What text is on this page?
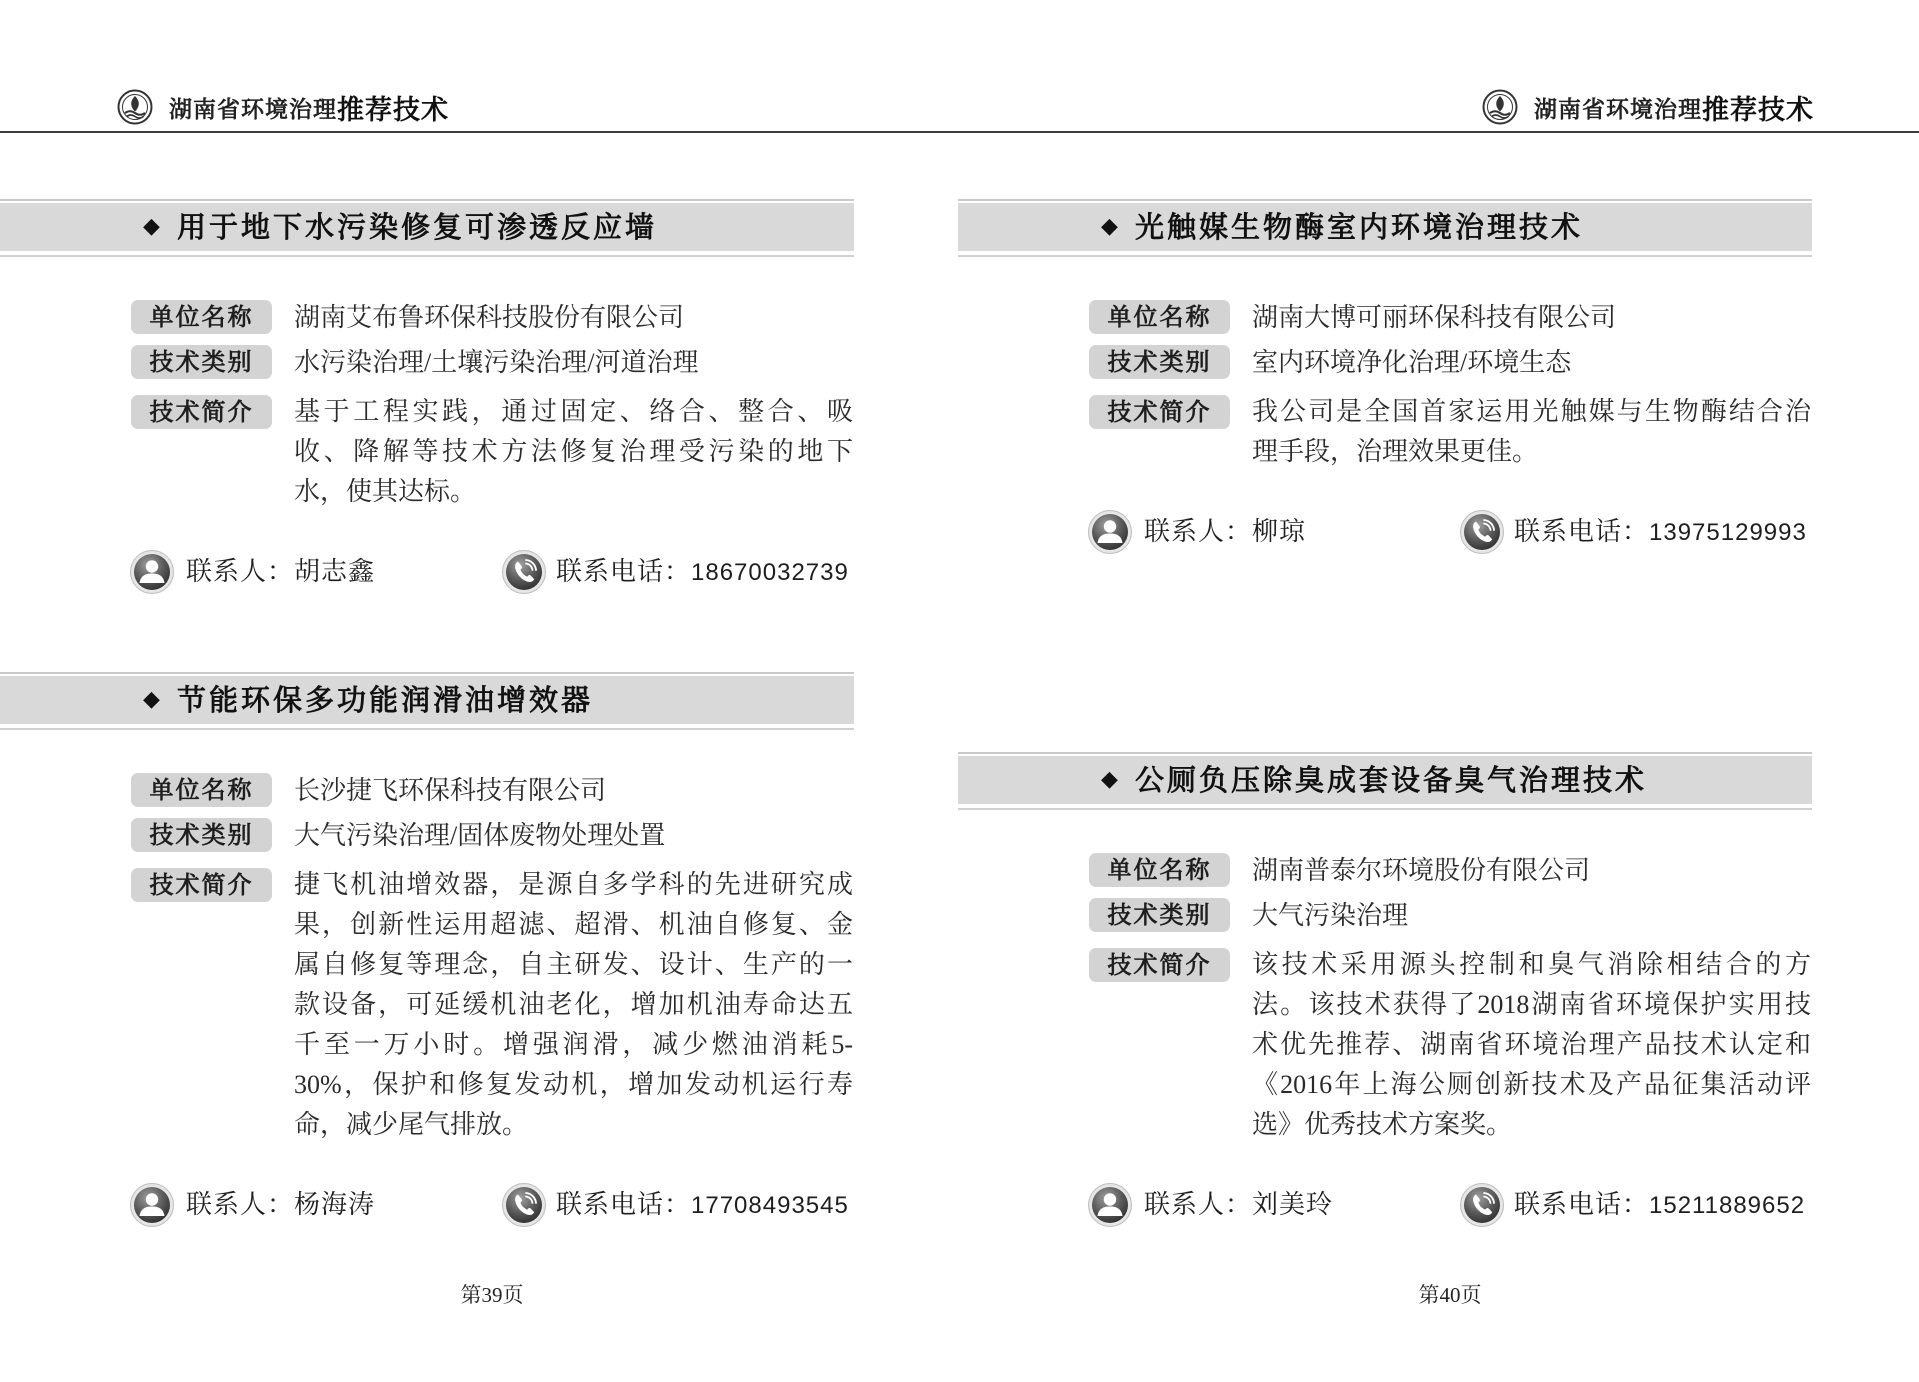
湖南省环境治理 推荐技术	湖南省环境治理 推荐技术
◆ 用于地下水污染修复可渗透反应墙
单位名称	湖南艾布鲁环保科技股份有限公司
技术类别	水污染治理/土壤污染治理/河道治理
技术简介	基于工程实践，通过固定、络合、整合、吸
收、降解等技术方法修复治理受污染的地下
水，使其达标。
联系人：胡志鑫	联系电话：18670032739
◆ 节能环保多功能润滑油增效器
单位名称	长沙捷飞环保科技有限公司
技术类别	大气污染治理/固体废物处理处置
技术简介	捷飞机油增效器，是源自多学科的先进研究成
果，创新性运用超滤、超滑、机油自修复、金
属自修复等理念，自主研发、设计、生产的一
款设备，可延缓机油老化，增加机油寿命达五
千至一万小时。增强润滑，减少燃油消耗5-
30%，保护和修复发动机，增加发动机运行寿
命，减少尾气排放。
联系人：杨海涛	联系电话：17708493545
第39页
◆ 光触媒生物酶室内环境治理技术
单位名称	湖南大博可丽环保科技有限公司
技术类别	室内环境净化治理/环境生态
技术简介	我公司是全国首家运用光触媒与生物酶结合治
理手段，治理效果更佳。
联系人：柳琼	联系电话：13975129993
◆ 公厕负压除臭成套设备臭气治理技术
单位名称	湖南普泰尔环境股份有限公司
技术类别	大气污染治理
技术简介	该技术采用源头控制和臭气消除相结合的方
法。该技术获得了2018湖南省环境保护实用技
术优先推荐、湖南省环境治理产品技术认定和
《2016年上海公厕创新技术及产品征集活动评
选》优秀技术方案奖。
联系人：刘美玲	联系电话：15211889652
第40页
